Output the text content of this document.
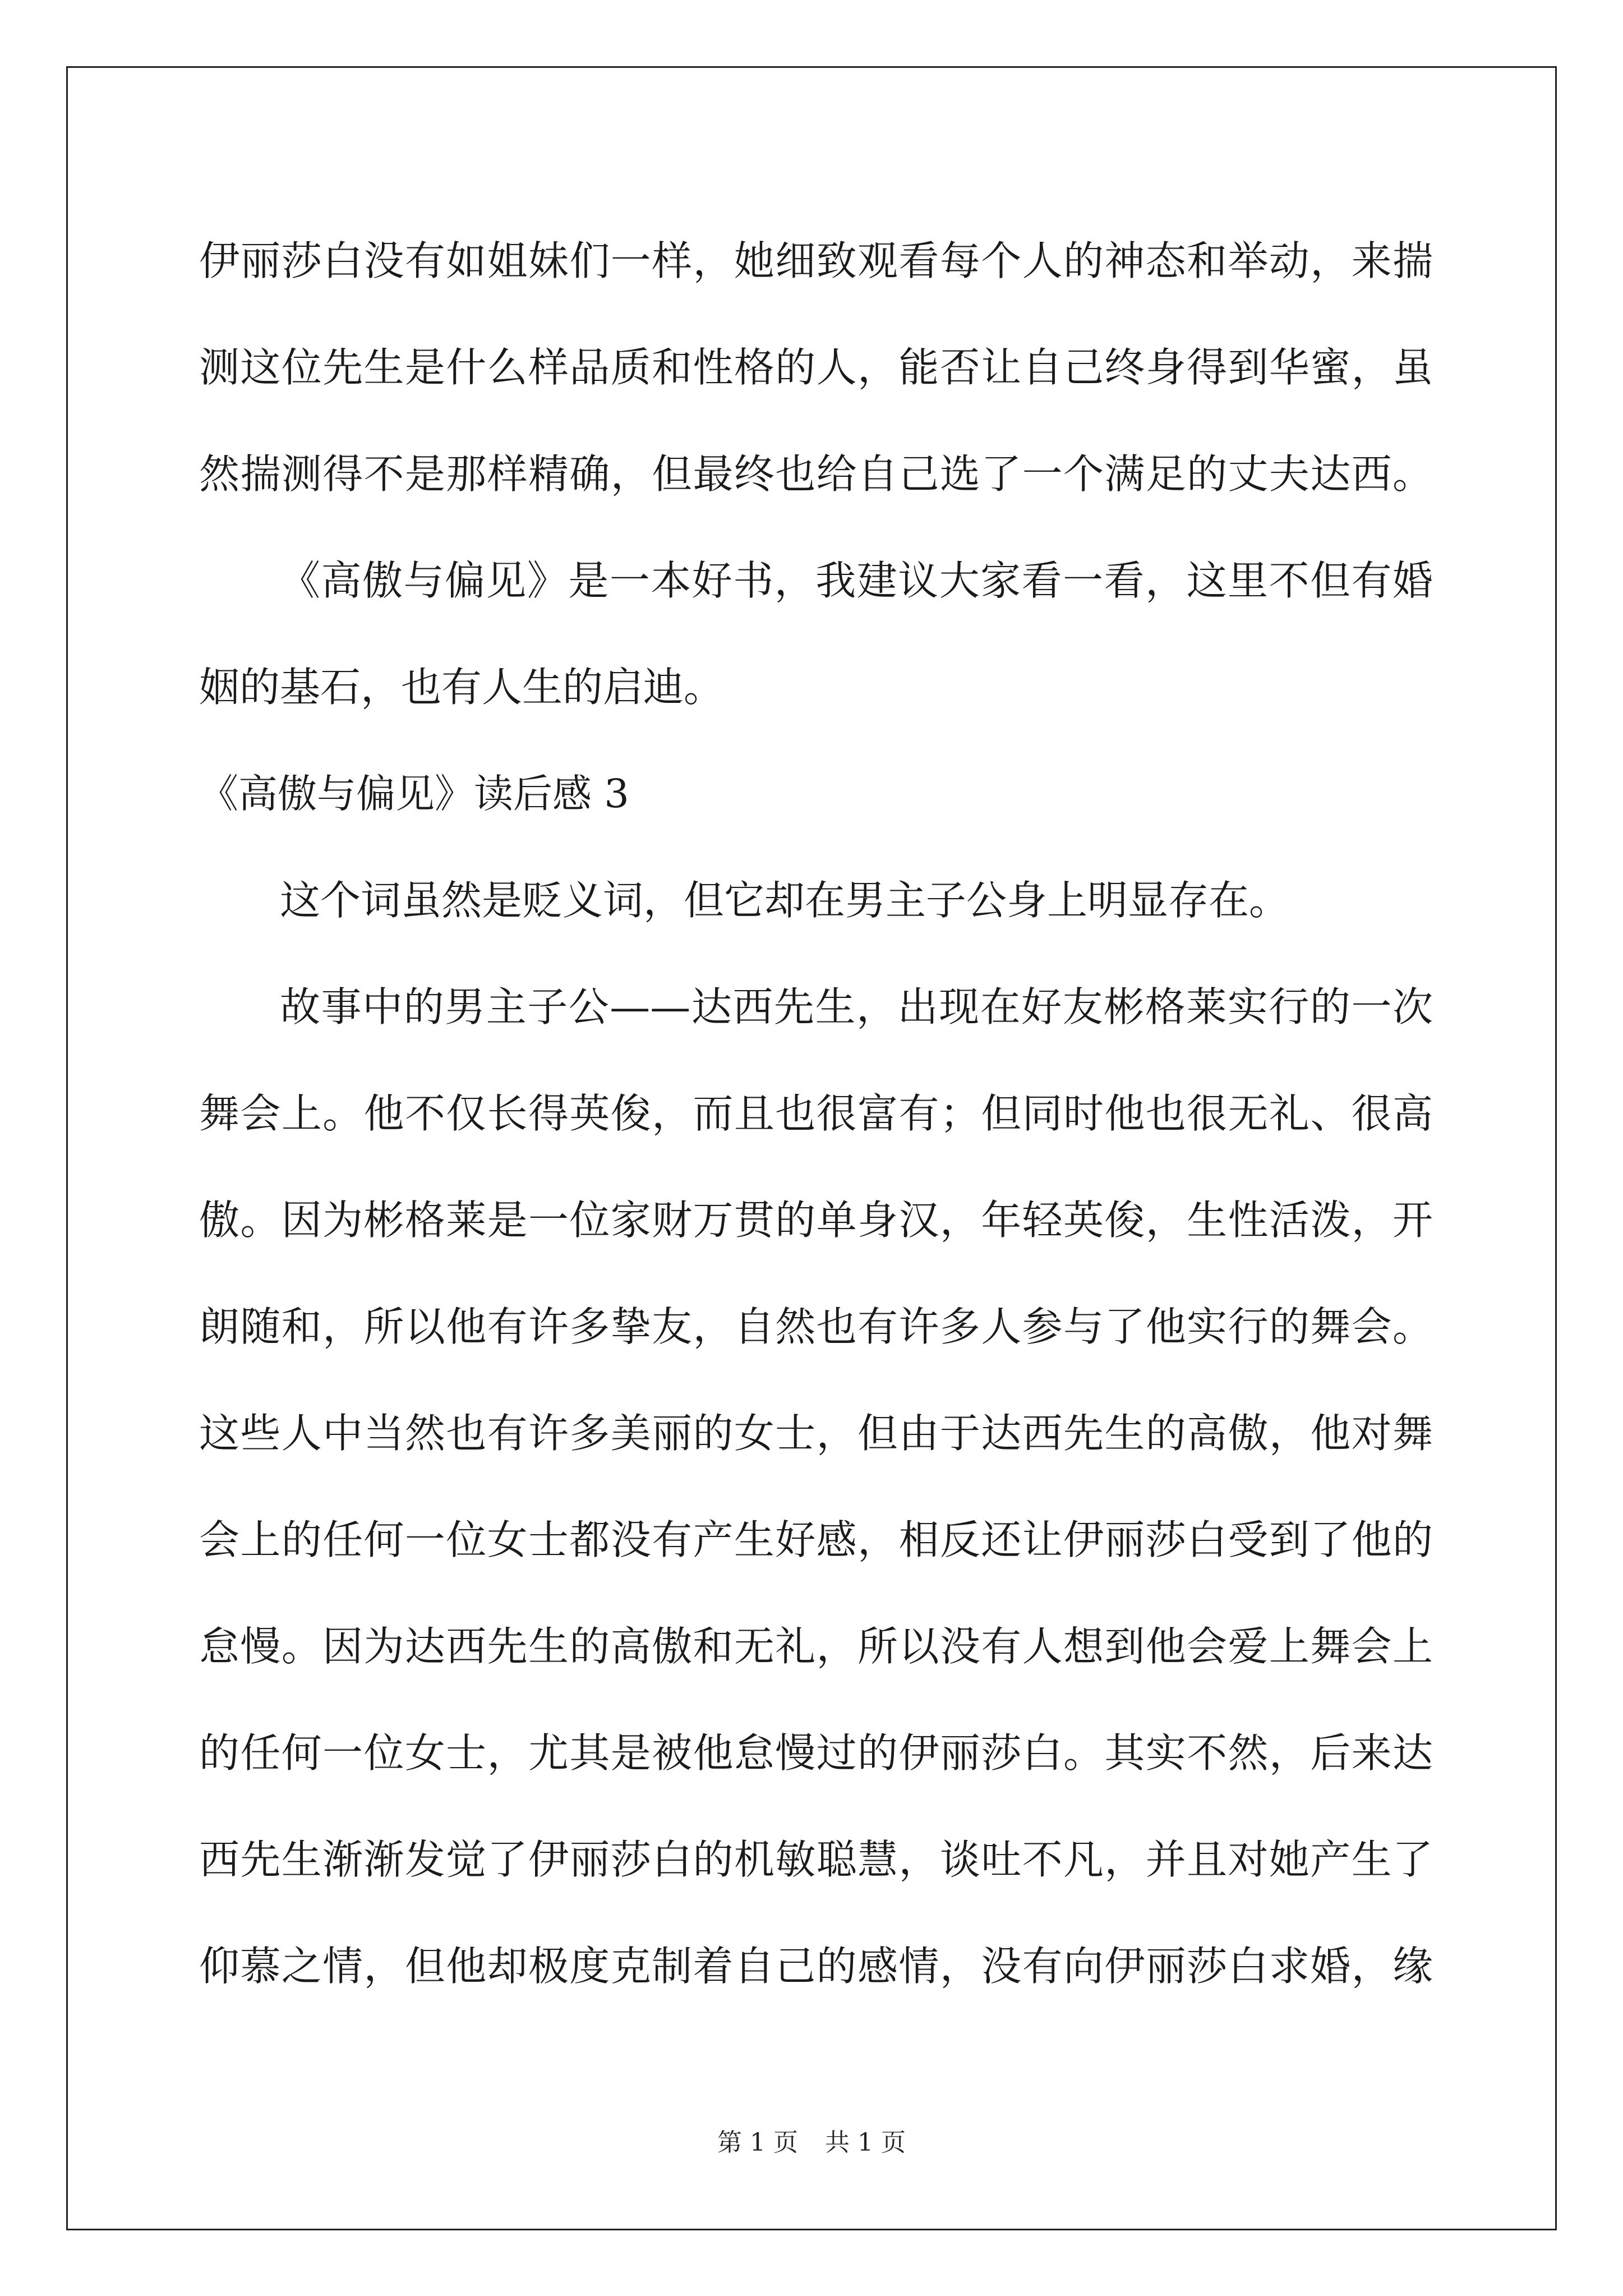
伊丽莎白没有如姐妹们一样，她细致观看每个人的神态和举动，来揣
测这位先生是什么样品质和性格的人，能否让自己终身得到华蜜，虽
然揣测得不是那样精确，但最终也给自己选了一个满足的丈夫达西。
《高傲与偏见》是一本好书，我建议大家看一看，这里不但有婚
姻的基石，也有人生的启迪。
《高傲与偏见》读后感 3
这个词虽然是贬义词，但它却在男主子公身上明显存在。
故事中的男主子公——达西先生，出现在好友彬格莱实行的一次
舞会上。他不仅长得英俊，而且也很富有；但同时他也很无礼、很高
傲。因为彬格莱是一位家财万贯的单身汉，年轻英俊，生性活泼，开
朗随和，所以他有许多挚友，自然也有许多人参与了他实行的舞会。
这些人中当然也有许多美丽的女士，但由于达西先生的高傲，他对舞
会上的任何一位女士都没有产生好感，相反还让伊丽莎白受到了他的
怠慢。因为达西先生的高傲和无礼，所以没有人想到他会爱上舞会上
的任何一位女士，尤其是被他怠慢过的伊丽莎白。其实不然，后来达
西先生渐渐发觉了伊丽莎白的机敏聪慧，谈吐不凡，并且对她产生了
仰慕之情，但他却极度克制着自己的感情，没有向伊丽莎白求婚，缘
第 1 页 共 1 页
